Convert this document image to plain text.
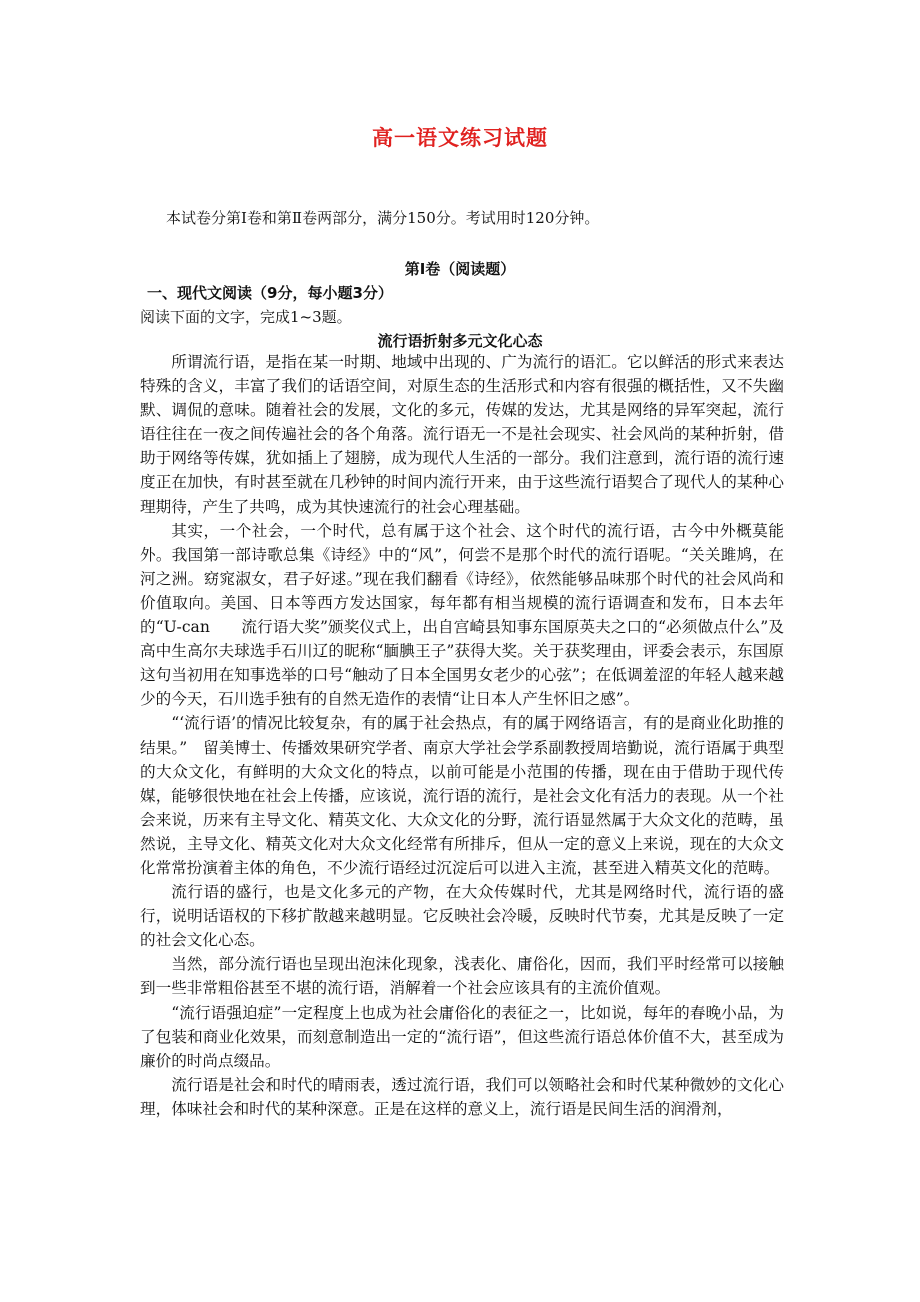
高一语文练习试题
本试卷分第Ⅰ卷和第Ⅱ卷两部分，满分150分。考试用时120分钟。
第Ⅰ卷（阅读题）
一、现代文阅读（9分，每小题3分）
阅读下面的文字，完成1~3题。
流行语折射多元文化心态

所谓流行语，是指在某一时期、地域中出现的、广为流行的语汇。它以鲜活的形式来表达特殊的含义，丰富了我们的话语空间，对原生态的生活形式和内容有很强的概括性，又不失幽默、调侃的意味。随着社会的发展，文化的多元，传媒的发达，尤其是网络的异军突起，流行语往往在一夜之间传遍社会的各个角落。流行语无一不是社会现实、社会风尚的某种折射，借助于网络等传媒，犹如插上了翅膀，成为现代人生活的一部分。我们注意到，流行语的流行速度正在加快，有时甚至就在几秒钟的时间内流行开来，由于这些流行语契合了现代人的某种心理期待，产生了共鸣，成为其快速流行的社会心理基础。

其实，一个社会，一个时代，总有属于这个社会、这个时代的流行语，古今中外概莫能外。我国第一部诗歌总集《诗经》中的“风”，何尝不是那个时代的流行语呢。“关关雎鸠，在河之洲。窈窕淑女，君子好逑。”现在我们翻看《诗经》，依然能够品味那个时代的社会风尚和价值取向。美国、日本等西方发达国家，每年都有相当规模的流行语调查和发布，日本去年的“U-can　　流行语大奖”颁奖仪式上，出自宫崎县知事东国原英夫之口的“必须做点什么”及高中生高尔夫球选手石川辽的昵称“腼腆王子”获得大奖。关于获奖理由，评委会表示，东国原这句当初用在知事选举的口号“触动了日本全国男女老少的心弦”；在低调羞涩的年轻人越来越少的今天，石川选手独有的自然无造作的表情“让日本人产生怀旧之感”。

“‘流行语’的情况比较复杂，有的属于社会热点，有的属于网络语言，有的是商业化助推的结果。”　留美博士、传播效果研究学者、南京大学社会学系副教授周培勤说，流行语属于典型的大众文化，有鲜明的大众文化的特点，以前可能是小范围的传播，现在由于借助于现代传媒，能够很快地在社会上传播，应该说，流行语的流行，是社会文化有活力的表现。从一个社会来说，历来有主导文化、精英文化、大众文化的分野，流行语显然属于大众文化的范畴，虽然说，主导文化、精英文化对大众文化经常有所排斥，但从一定的意义上来说，现在的大众文化常常扮演着主体的角色，不少流行语经过沉淀后可以进入主流，甚至进入精英文化的范畴。

流行语的盛行，也是文化多元的产物，在大众传媒时代，尤其是网络时代，流行语的盛行，说明话语权的下移扩散越来越明显。它反映社会冷暖，反映时代节奏，尤其是反映了一定的社会文化心态。

当然，部分流行语也呈现出泡沫化现象，浅表化、庸俗化，因而，我们平时经常可以接触到一些非常粗俗甚至不堪的流行语，消解着一个社会应该具有的主流价值观。

“流行语强迫症”一定程度上也成为社会庸俗化的表征之一，比如说，每年的春晚小品，为了包装和商业化效果，而刻意制造出一定的“流行语”，但这些流行语总体价值不大，甚至成为廉价的时尚点缀品。

流行语是社会和时代的晴雨表，透过流行语，我们可以领略社会和时代某种微妙的文化心理，体味社会和时代的某种深意。正是在这样的意义上，流行语是民间生活的润滑剂，
